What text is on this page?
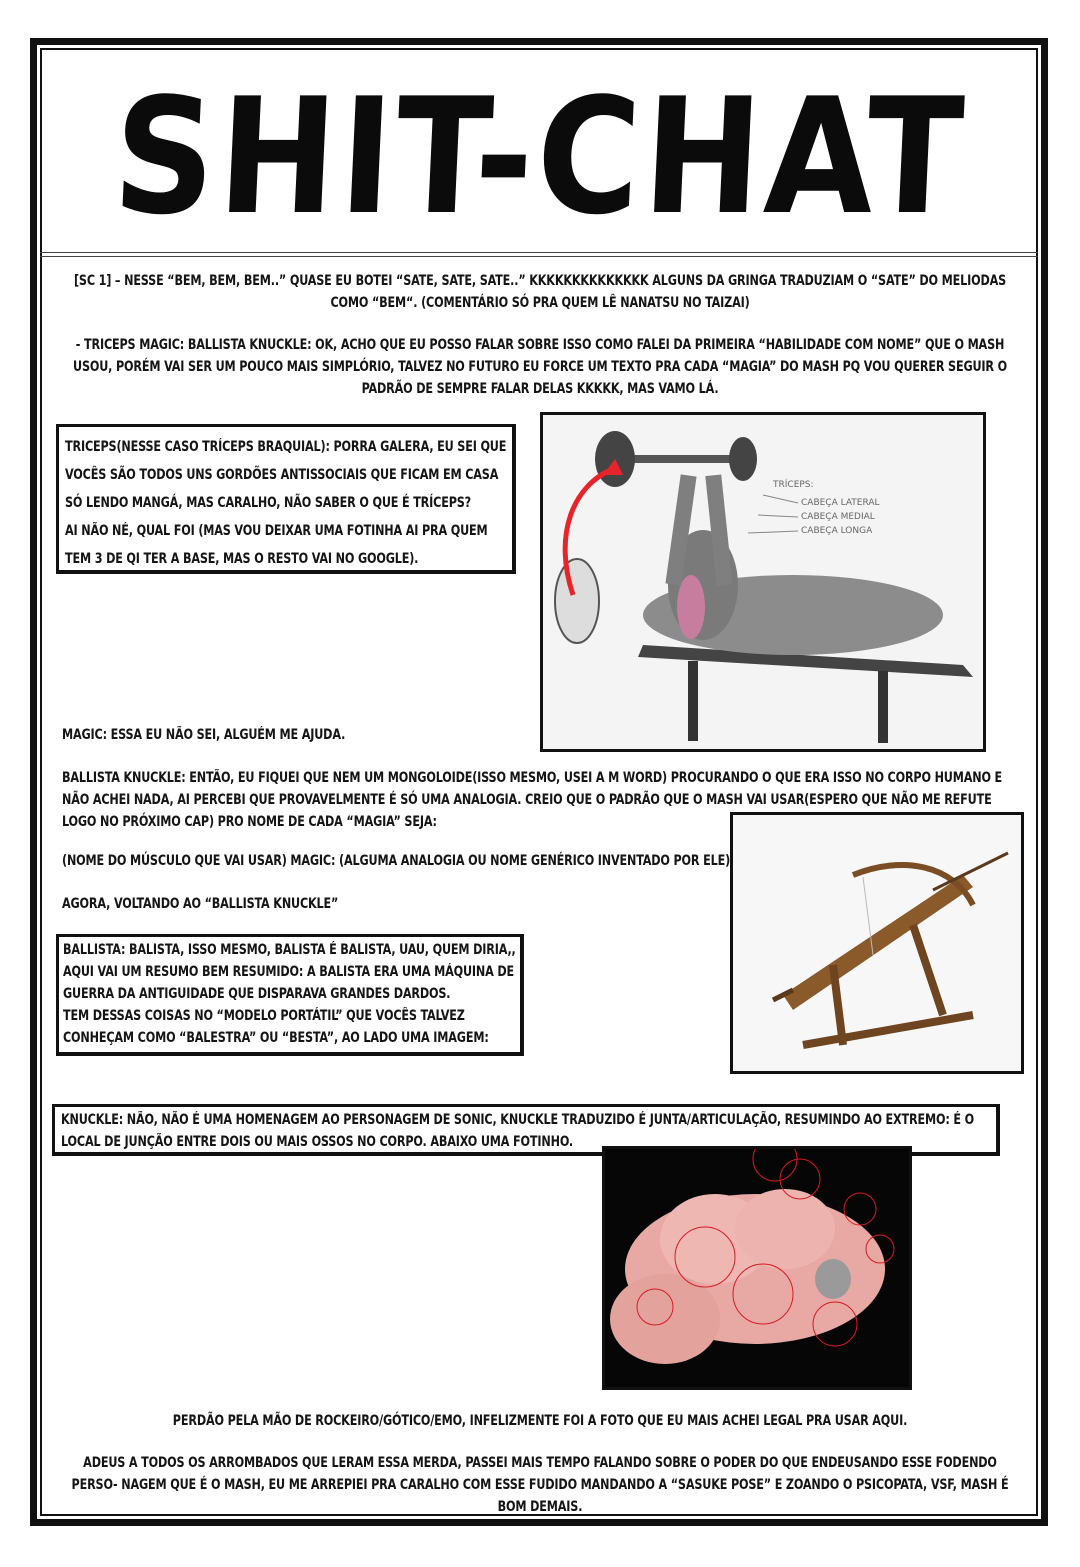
SHIT-CHAT
[SC 1] – NESSE “BEM, BEM, BEM..” QUASE EU BOTEI “SATE, SATE, SATE..” KKKKKKKKKKKKKK ALGUNS DA GRINGA TRADUZIAM O “SATE” DO MELIODAS COMO “BEM“. (COMENTÁRIO SÓ PRA QUEM LÊ NANATSU NO TAIZAI)
- TRICEPS MAGIC: BALLISTA KNUCKLE: OK, ACHO QUE EU POSSO FALAR SOBRE ISSO COMO FALEI DA PRIMEIRA “HABILIDADE COM NOME” QUE O MASH USOU, PORÉM VAI SER UM POUCO MAIS SIMPLÓRIO, TALVEZ NO FUTURO EU FORCE UM TEXTO PRA CADA “MAGIA” DO MASH PQ VOU QUERER SEGUIR O PADRÃO DE SEMPRE FALAR DELAS KKKKK, MAS VAMO LÁ.
TRÍCEPS:
CABEÇA LATERAL
CABEÇA MEDIAL
CABEÇA LONGA
TRICEPS(NESSE CASO TRÍCEPS BRAQUIAL): PORRA GALERA, EU SEI QUE
VOCÊS SÃO TODOS UNS GORDÕES ANTISSOCIAIS QUE FICAM EM CASA
SÓ LENDO MANGÁ, MAS CARALHO, NÃO SABER O QUE É TRÍCEPS?
AI NÃO NÉ, QUAL FOI (MAS VOU DEIXAR UMA FOTINHA AI PRA QUEM
TEM 3 DE QI TER A BASE, MAS O RESTO VAI NO GOOGLE).
MAGIC: ESSA EU NÃO SEI, ALGUÉM ME AJUDA.
BALLISTA KNUCKLE: ENTÃO, EU FIQUEI QUE NEM UM MONGOLOIDE(ISSO MESMO, USEI A M WORD) PROCURANDO O QUE ERA ISSO NO CORPO HUMANO E NÃO ACHEI NADA, AI PERCEBI QUE PROVAVELMENTE É SÓ UMA ANALOGIA. CREIO QUE O PADRÃO QUE O MASH VAI USAR(ESPERO QUE NÃO ME REFUTE LOGO NO PRÓXIMO CAP) PRO NOME DE CADA “MAGIA” SEJA:
(NOME DO MÚSCULO QUE VAI USAR) MAGIC: (ALGUMA ANALOGIA OU NOME GENÉRICO INVENTADO POR ELE)
AGORA, VOLTANDO AO “BALLISTA KNUCKLE”
BALLISTA: BALISTA, ISSO MESMO, BALISTA É BALISTA, UAU, QUEM DIRIA,,
AQUI VAI UM RESUMO BEM RESUMIDO: A BALISTA ERA UMA MÁQUINA DE
GUERRA DA ANTIGUIDADE QUE DISPARAVA GRANDES DARDOS.
TEM DESSAS COISAS NO “MODELO PORTÁTIL” QUE VOCÊS TALVEZ
CONHEÇAM COMO “BALESTRA” OU “BESTA”, AO LADO UMA IMAGEM:
KNUCKLE: NÃO, NÃO É UMA HOMENAGEM AO PERSONAGEM DE SONIC, KNUCKLE TRADUZIDO É JUNTA/ARTICULAÇÃO, RESUMINDO AO EXTREMO: É O
LOCAL DE JUNÇÃO ENTRE DOIS OU MAIS OSSOS NO CORPO. ABAIXO UMA FOTINHO.
PERDÃO PELA MÃO DE ROCKEIRO/GÓTICO/EMO, INFELIZMENTE FOI A FOTO QUE EU MAIS ACHEI LEGAL PRA USAR AQUI.
ADEUS A TODOS OS ARROMBADOS QUE LERAM ESSA MERDA, PASSEI MAIS TEMPO FALANDO SOBRE O PODER DO QUE ENDEUSANDO ESSE FODENDO PERSO- NAGEM QUE É O MASH, EU ME ARREPIEI PRA CARALHO COM ESSE FUDIDO MANDANDO A “SASUKE POSE” E ZOANDO O PSICOPATA, VSF, MASH É BOM DEMAIS.
